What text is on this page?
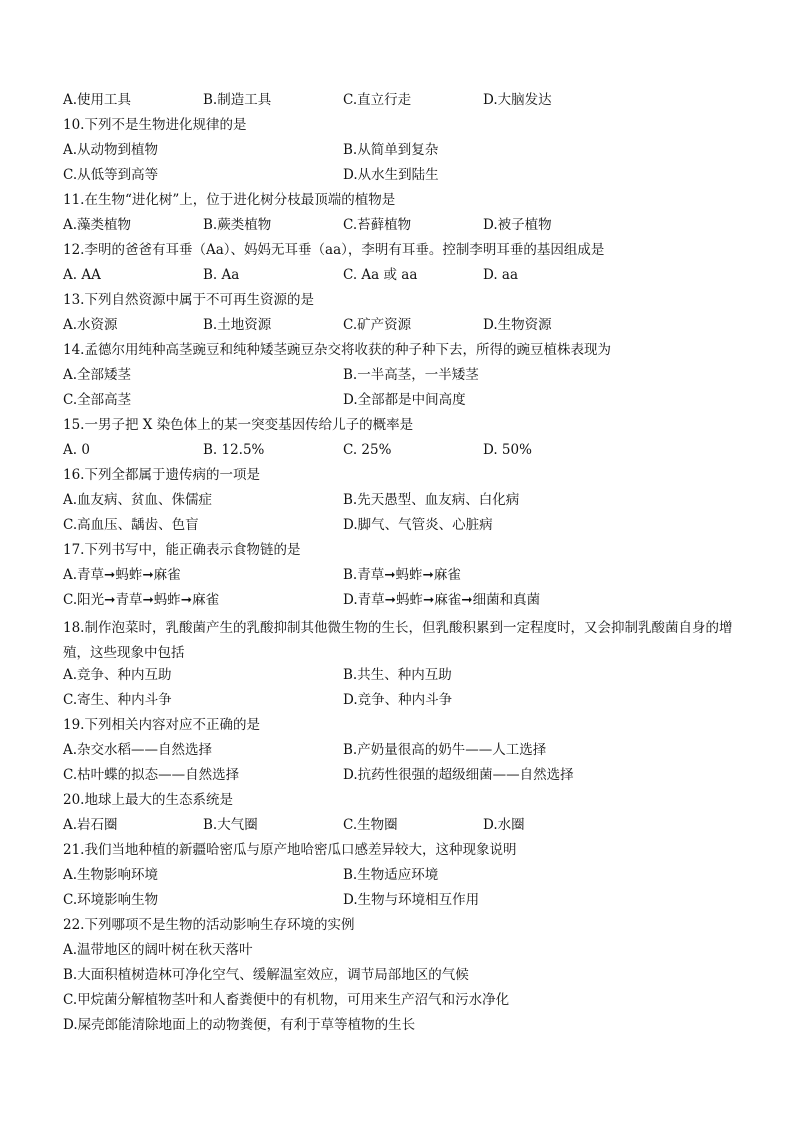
A.使用工具	B.制造工具	C.直立行走	D.大脑发达
10.下列不是生物进化规律的是
A.从动物到植物	B.从简单到复杂
C.从低等到高等	D.从水生到陆生
11.在生物“进化树”上，位于进化树分枝最顶端的植物是
A.藻类植物	B.蕨类植物	C.苔藓植物	D.被子植物
12.李明的爸爸有耳垂（Aa）、妈妈无耳垂（aa），李明有耳垂。控制李明耳垂的基因组成是
A. AA	B. Aa	C. Aa 或 aa	D. aa
13.下列自然资源中属于不可再生资源的是
A.水资源	B.土地资源	C.矿产资源	D.生物资源
14.孟德尔用纯种高茎豌豆和纯种矮茎豌豆杂交将收获的种子种下去，所得的豌豆植株表现为
A.全部矮茎	B.一半高茎，一半矮茎
C.全部高茎	D.全部都是中间高度
15.一男子把 X 染色体上的某一突变基因传给儿子的概率是
A. 0	B. 12.5%	C. 25%	D. 50%
16.下列全都属于遗传病的一项是
A.血友病、贫血、侏儒症	B.先天愚型、血友病、白化病
C.高血压、龋齿、色盲	D.脚气、气管炎、心脏病
17.下列书写中，能正确表示食物链的是
A.青草➞蚂蚱➞麻雀	B.青草➞蚂蚱➞麻雀
C.阳光➞青草➞蚂蚱➞麻雀	D.青草➞蚂蚱➞麻雀➞细菌和真菌
18.制作泡菜时，乳酸菌产生的乳酸抑制其他微生物的生长，但乳酸积累到一定程度时，又会抑制乳酸菌自身的增殖，这些现象中包括
A.竞争、种内互助	B.共生、种内互助
C.寄生、种内斗争	D.竞争、种内斗争
19.下列相关内容对应不正确的是
A.杂交水稻——自然选择	B.产奶量很高的奶牛——人工选择
C.枯叶蝶的拟态——自然选择	D.抗药性很强的超级细菌——自然选择
20.地球上最大的生态系统是
A.岩石圈	B.大气圈	C.生物圈	D.水圈
21.我们当地种植的新疆哈密瓜与原产地哈密瓜口感差异较大，这种现象说明
A.生物影响环境	B.生物适应环境
C.环境影响生物	D.生物与环境相互作用
22.下列哪项不是生物的活动影响生存环境的实例
A.温带地区的阔叶树在秋天落叶
B.大面积植树造林可净化空气、缓解温室效应，调节局部地区的气候
C.甲烷菌分解植物茎叶和人畜粪便中的有机物，可用来生产沼气和污水净化
D.屎壳郎能清除地面上的动物粪便，有利于草等植物的生长
